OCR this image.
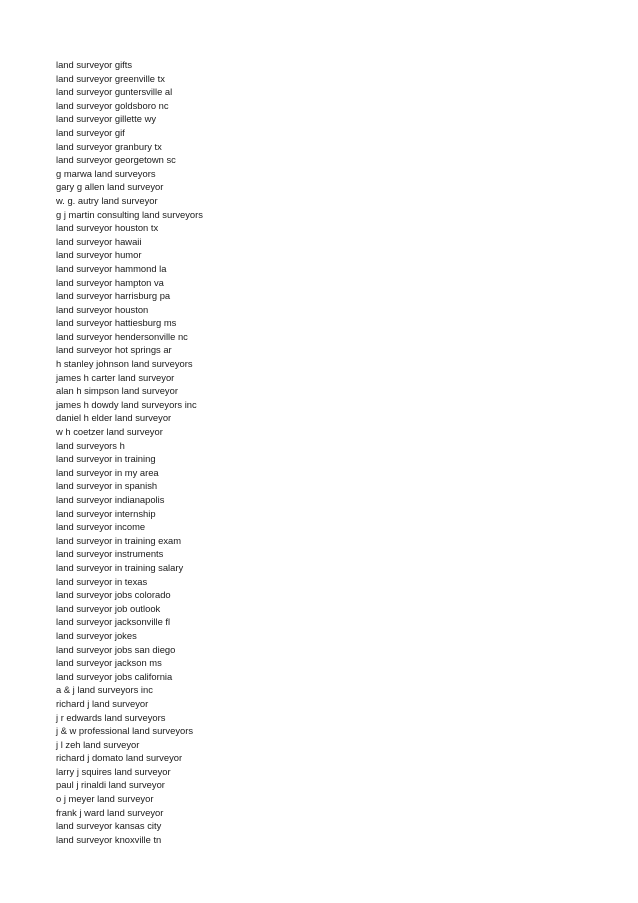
land surveyor gifts
land surveyor greenville tx
land surveyor guntersville al
land surveyor goldsboro nc
land surveyor gillette wy
land surveyor gif
land surveyor granbury tx
land surveyor georgetown sc
g marwa land surveyors
gary g allen land surveyor
w. g. autry land surveyor
g j martin consulting land surveyors
land surveyor houston tx
land surveyor hawaii
land surveyor humor
land surveyor hammond la
land surveyor hampton va
land surveyor harrisburg pa
land surveyor houston
land surveyor hattiesburg ms
land surveyor hendersonville nc
land surveyor hot springs ar
h stanley johnson land surveyors
james h carter land surveyor
alan h simpson land surveyor
james h dowdy land surveyors inc
daniel h elder land surveyor
w h coetzer land surveyor
land surveyors h
land surveyor in training
land surveyor in my area
land surveyor in spanish
land surveyor indianapolis
land surveyor internship
land surveyor income
land surveyor in training exam
land surveyor instruments
land surveyor in training salary
land surveyor in texas
land surveyor jobs colorado
land surveyor job outlook
land surveyor jacksonville fl
land surveyor jokes
land surveyor jobs san diego
land surveyor jackson ms
land surveyor jobs california
a & j land surveyors inc
richard j land surveyor
j r edwards land surveyors
j & w professional land surveyors
j l zeh land surveyor
richard j domato land surveyor
larry j squires land surveyor
paul j rinaldi land surveyor
o j meyer land surveyor
frank j ward land surveyor
land surveyor kansas city
land surveyor knoxville tn
